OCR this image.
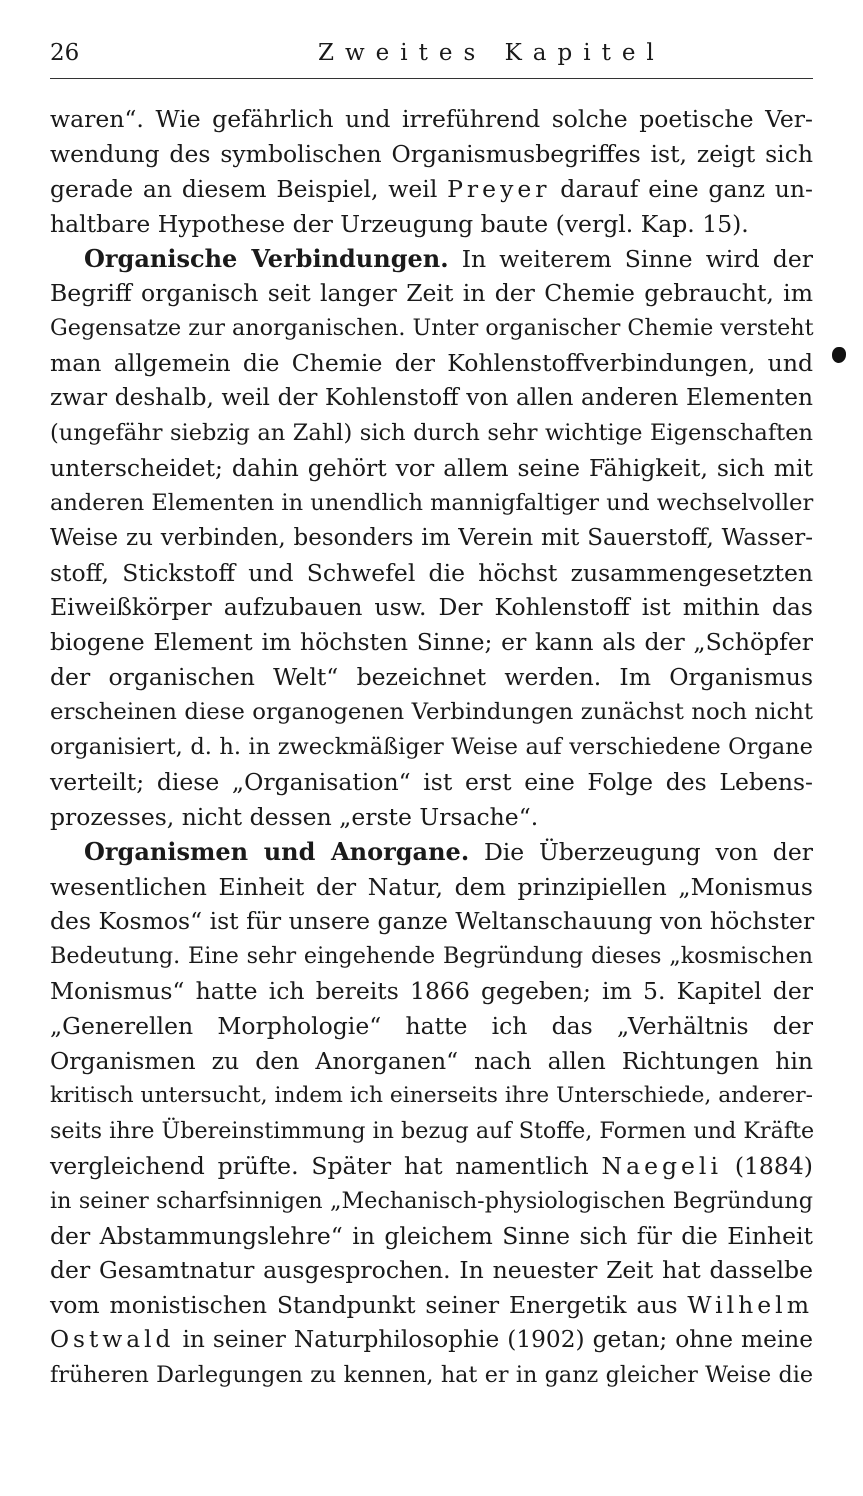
26	Zweites Kapitel
waren“. Wie gefährlich und irreführend solche poetische Ver-
wendung des symbolischen Organismusbegriffes ist, zeigt sich
gerade an diesem Beispiel, weil Preyer darauf eine ganz un-
haltbare Hypothese der Urzeugung baute (vergl. Kap. 15).
Organische Verbindungen. In weiterem Sinne wird der
Begriff organisch seit langer Zeit in der Chemie gebraucht, im
Gegensatze zur anorganischen. Unter organischer Chemie versteht
man allgemein die Chemie der Kohlenstoffverbindungen, und
zwar deshalb, weil der Kohlenstoff von allen anderen Elementen
(ungefähr siebzig an Zahl) sich durch sehr wichtige Eigenschaften
unterscheidet; dahin gehört vor allem seine Fähigkeit, sich mit
anderen Elementen in unendlich mannigfaltiger und wechselvoller
Weise zu verbinden, besonders im Verein mit Sauerstoff, Wasser-
stoff, Stickstoff und Schwefel die höchst zusammengesetzten
Eiweißkörper aufzubauen usw. Der Kohlenstoff ist mithin das
biogene Element im höchsten Sinne; er kann als der „Schöpfer
der organischen Welt“ bezeichnet werden. Im Organismus
erscheinen diese organogenen Verbindungen zunächst noch nicht
organisiert, d. h. in zweckmäßiger Weise auf verschiedene Organe
verteilt; diese „Organisation“ ist erst eine Folge des Lebens-
prozesses, nicht dessen „erste Ursache“.
Organismen und Anorgane. Die Überzeugung von der
wesentlichen Einheit der Natur, dem prinzipiellen „Monismus
des Kosmos“ ist für unsere ganze Weltanschauung von höchster
Bedeutung. Eine sehr eingehende Begründung dieses „kosmischen
Monismus“ hatte ich bereits 1866 gegeben; im 5. Kapitel der
„Generellen Morphologie“ hatte ich das „Verhältnis der
Organismen zu den Anorganen“ nach allen Richtungen hin
kritisch untersucht, indem ich einerseits ihre Unterschiede, anderer-
seits ihre Übereinstimmung in bezug auf Stoffe, Formen und Kräfte
vergleichend prüfte. Später hat namentlich Naegeli (1884)
in seiner scharfsinnigen „Mechanisch-physiologischen Begründung
der Abstammungslehre“ in gleichem Sinne sich für die Einheit
der Gesamtnatur ausgesprochen. In neuester Zeit hat dasselbe
vom monistischen Standpunkt seiner Energetik aus Wilhelm
Ostwald in seiner Naturphilosophie (1902) getan; ohne meine
früheren Darlegungen zu kennen, hat er in ganz gleicher Weise die
